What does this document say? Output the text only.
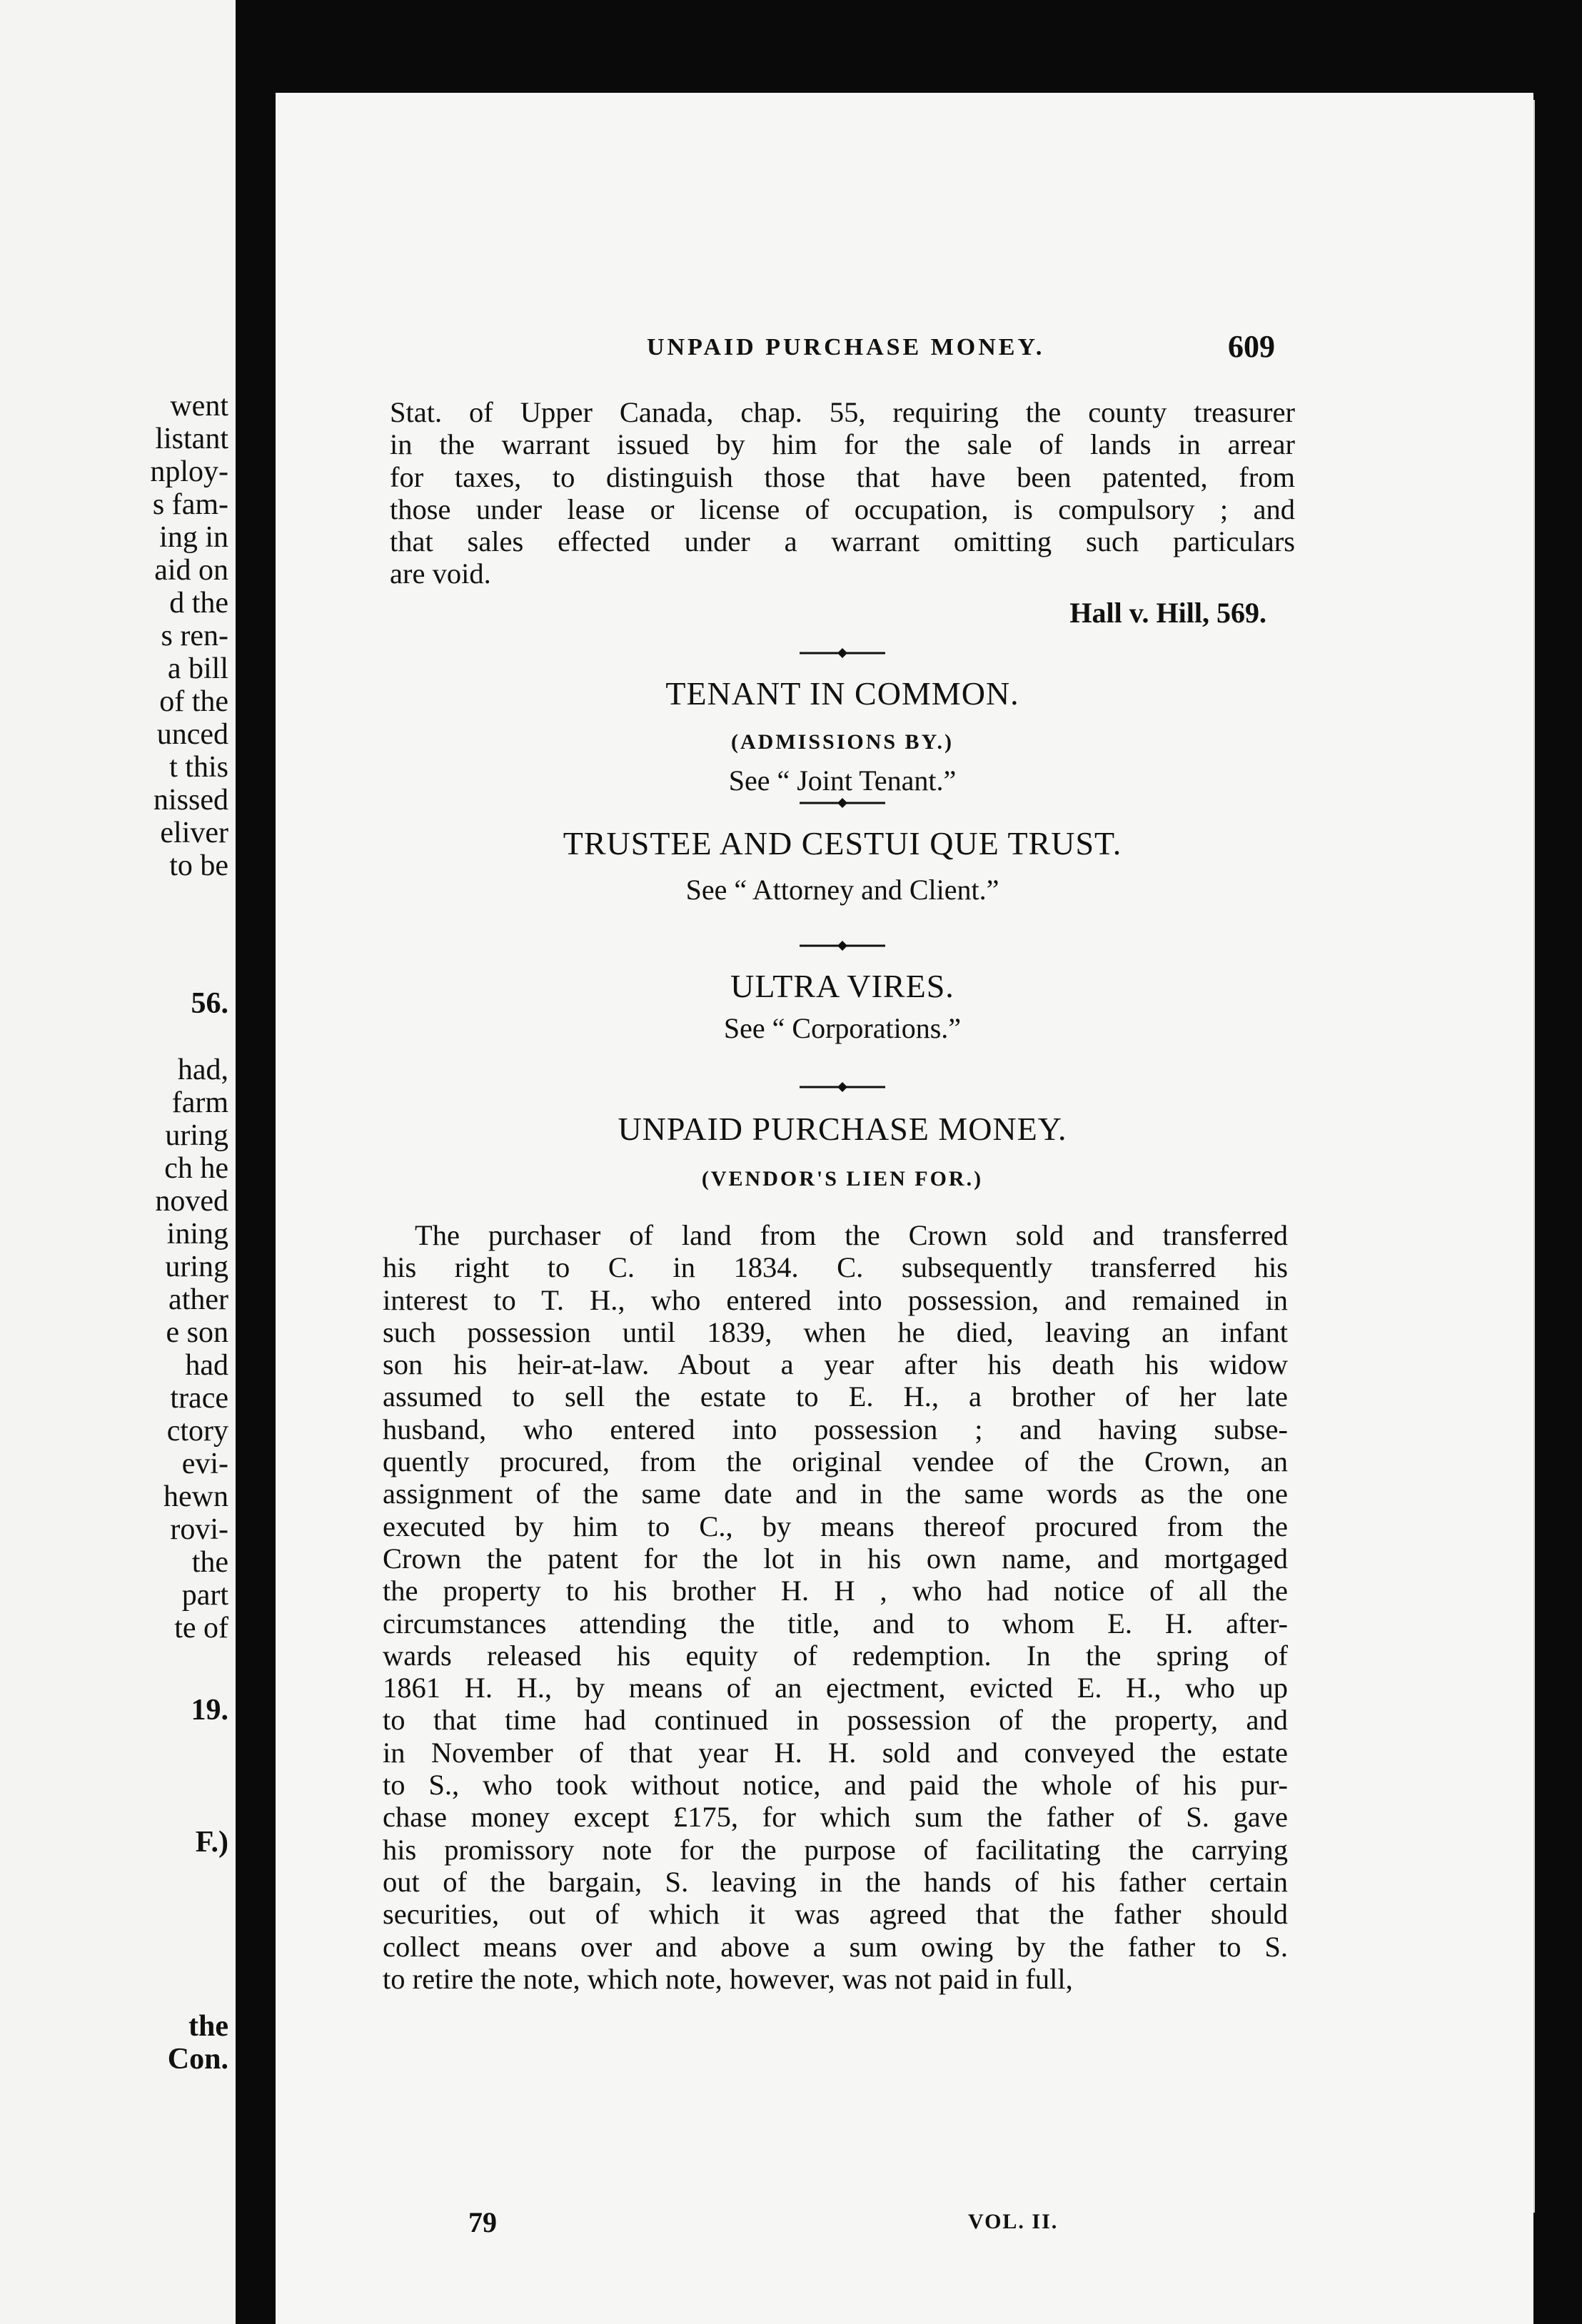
went
listant
nploy-
s fam-
ing in
aid on
d the
s ren-
a bill
of the
unced
t this
nissed
eliver
to be
56.
had,
farm
uring
ch he
noved
ining
uring
ather
e son
had
trace
ctory
evi-
hewn
rovi-
the
part
te of
19.
F.)
the
Con.
UNPAID PURCHASE MONEY.	609
Stat. of Upper Canada, chap. 55, requiring the county treasurer
in the warrant issued by him for the sale of lands in arrear
for taxes, to distinguish those that have been patented, from
those under lease or license of occupation, is compulsory ; and
that sales effected under a warrant omitting such particulars
are void.
Hall v. Hill, 569.
TENANT IN COMMON.
(ADMISSIONS BY.)
See “ Joint Tenant.”
TRUSTEE AND CESTUI QUE TRUST.
See “ Attorney and Client.”
ULTRA VIRES.
See “ Corporations.”
UNPAID PURCHASE MONEY.
(VENDOR'S LIEN FOR.)
The purchaser of land from the Crown sold and transferred
his right to C. in 1834. C. subsequently transferred his
interest to T. H., who entered into possession, and remained in
such possession until 1839, when he died, leaving an infant
son his heir-at-law. About a year after his death his widow
assumed to sell the estate to E. H., a brother of her late
husband, who entered into possession ; and having subse-
quently procured, from the original vendee of the Crown, an
assignment of the same date and in the same words as the one
executed by him to C., by means thereof procured from the
Crown the patent for the lot in his own name, and mortgaged
the property to his brother H. H , who had notice of all the
circumstances attending the title, and to whom E. H. after-
wards released his equity of redemption. In the spring of
1861 H. H., by means of an ejectment, evicted E. H., who up
to that time had continued in possession of the property, and
in November of that year H. H. sold and conveyed the estate
to S., who took without notice, and paid the whole of his pur-
chase money except £175, for which sum the father of S. gave
his promissory note for the purpose of facilitating the carrying
out of the bargain, S. leaving in the hands of his father certain
securities, out of which it was agreed that the father should
collect means over and above a sum owing by the father to S.
to retire the note, which note, however, was not paid in full,
79	VOL. II.
